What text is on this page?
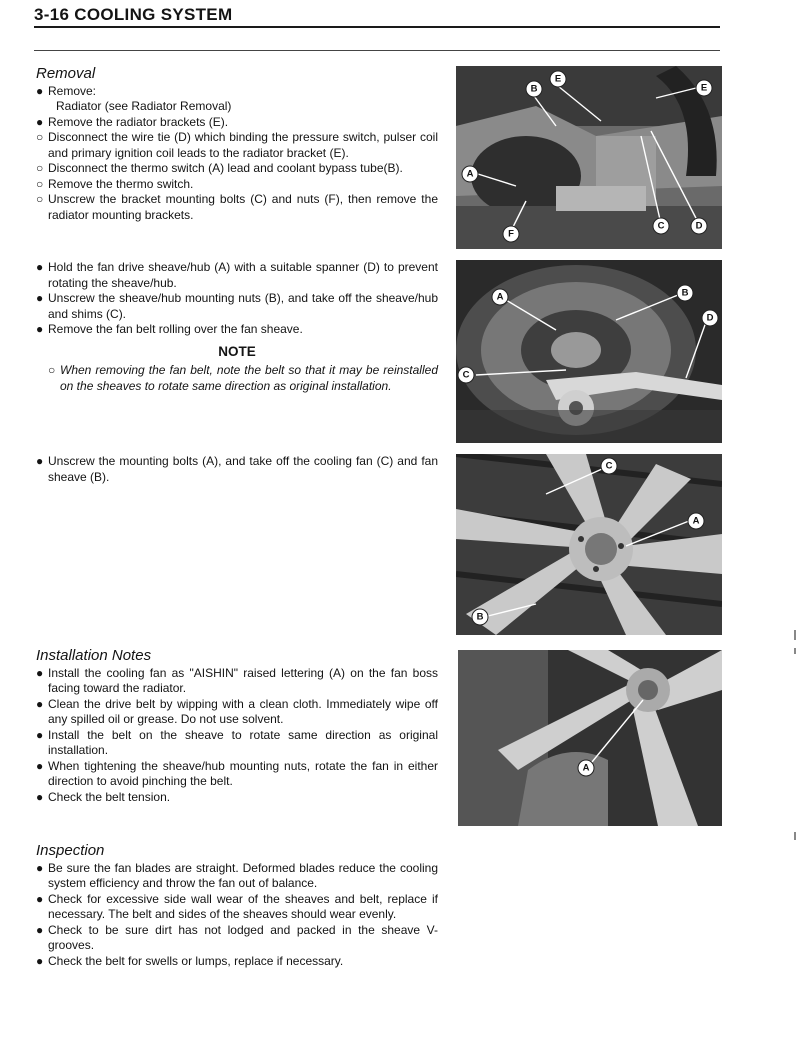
3-16 COOLING SYSTEM
Removal
● Remove:
Radiator (see Radiator Removal)
● Remove the radiator brackets (E).
○ Disconnect the wire tie (D) which binding the pressure switch, pulser coil and primary ignition coil leads to the radiator bracket (E).
○ Disconnect the thermo switch (A) lead and coolant bypass tube(B).
○ Remove the thermo switch.
○ Unscrew the bracket mounting bolts (C) and nuts (F), then remove the radiator mounting brackets.
● Hold the fan drive sheave/hub (A) with a suitable spanner (D) to prevent rotating the sheave/hub.
● Unscrew the sheave/hub mounting nuts (B), and take off the sheave/hub and shims (C).
● Remove the fan belt rolling over the fan sheave.
NOTE
○ When removing the fan belt, note the belt so that it may be reinstalled on the sheaves to rotate same direction as original installation.
● Unscrew the mounting bolts (A), and take off the cooling fan (C) and fan sheave (B).
Installation Notes
● Install the cooling fan as "AISHIN" raised lettering (A) on the fan boss facing toward the radiator.
● Clean the drive belt by wipping with a clean cloth. Immediately wipe off any spilled oil or grease. Do not use solvent.
● Install the belt on the sheave to rotate same direction as original installation.
● When tightening the sheave/hub mounting nuts, rotate the fan in either direction to avoid pinching the belt.
● Check the belt tension.
Inspection
● Be sure the fan blades are straight. Deformed blades reduce the cooling system efficiency and throw the fan out of balance.
● Check for excessive side wall wear of the sheaves and belt, replace if necessary. The belt and sides of the sheaves should wear evenly.
● Check to be sure dirt has not lodged and packed in the sheave V-grooves.
● Check the belt for swells or lumps, replace if necessary.
B
E
E
A
F
C	D
A	B
D
C
C
A
B
A
